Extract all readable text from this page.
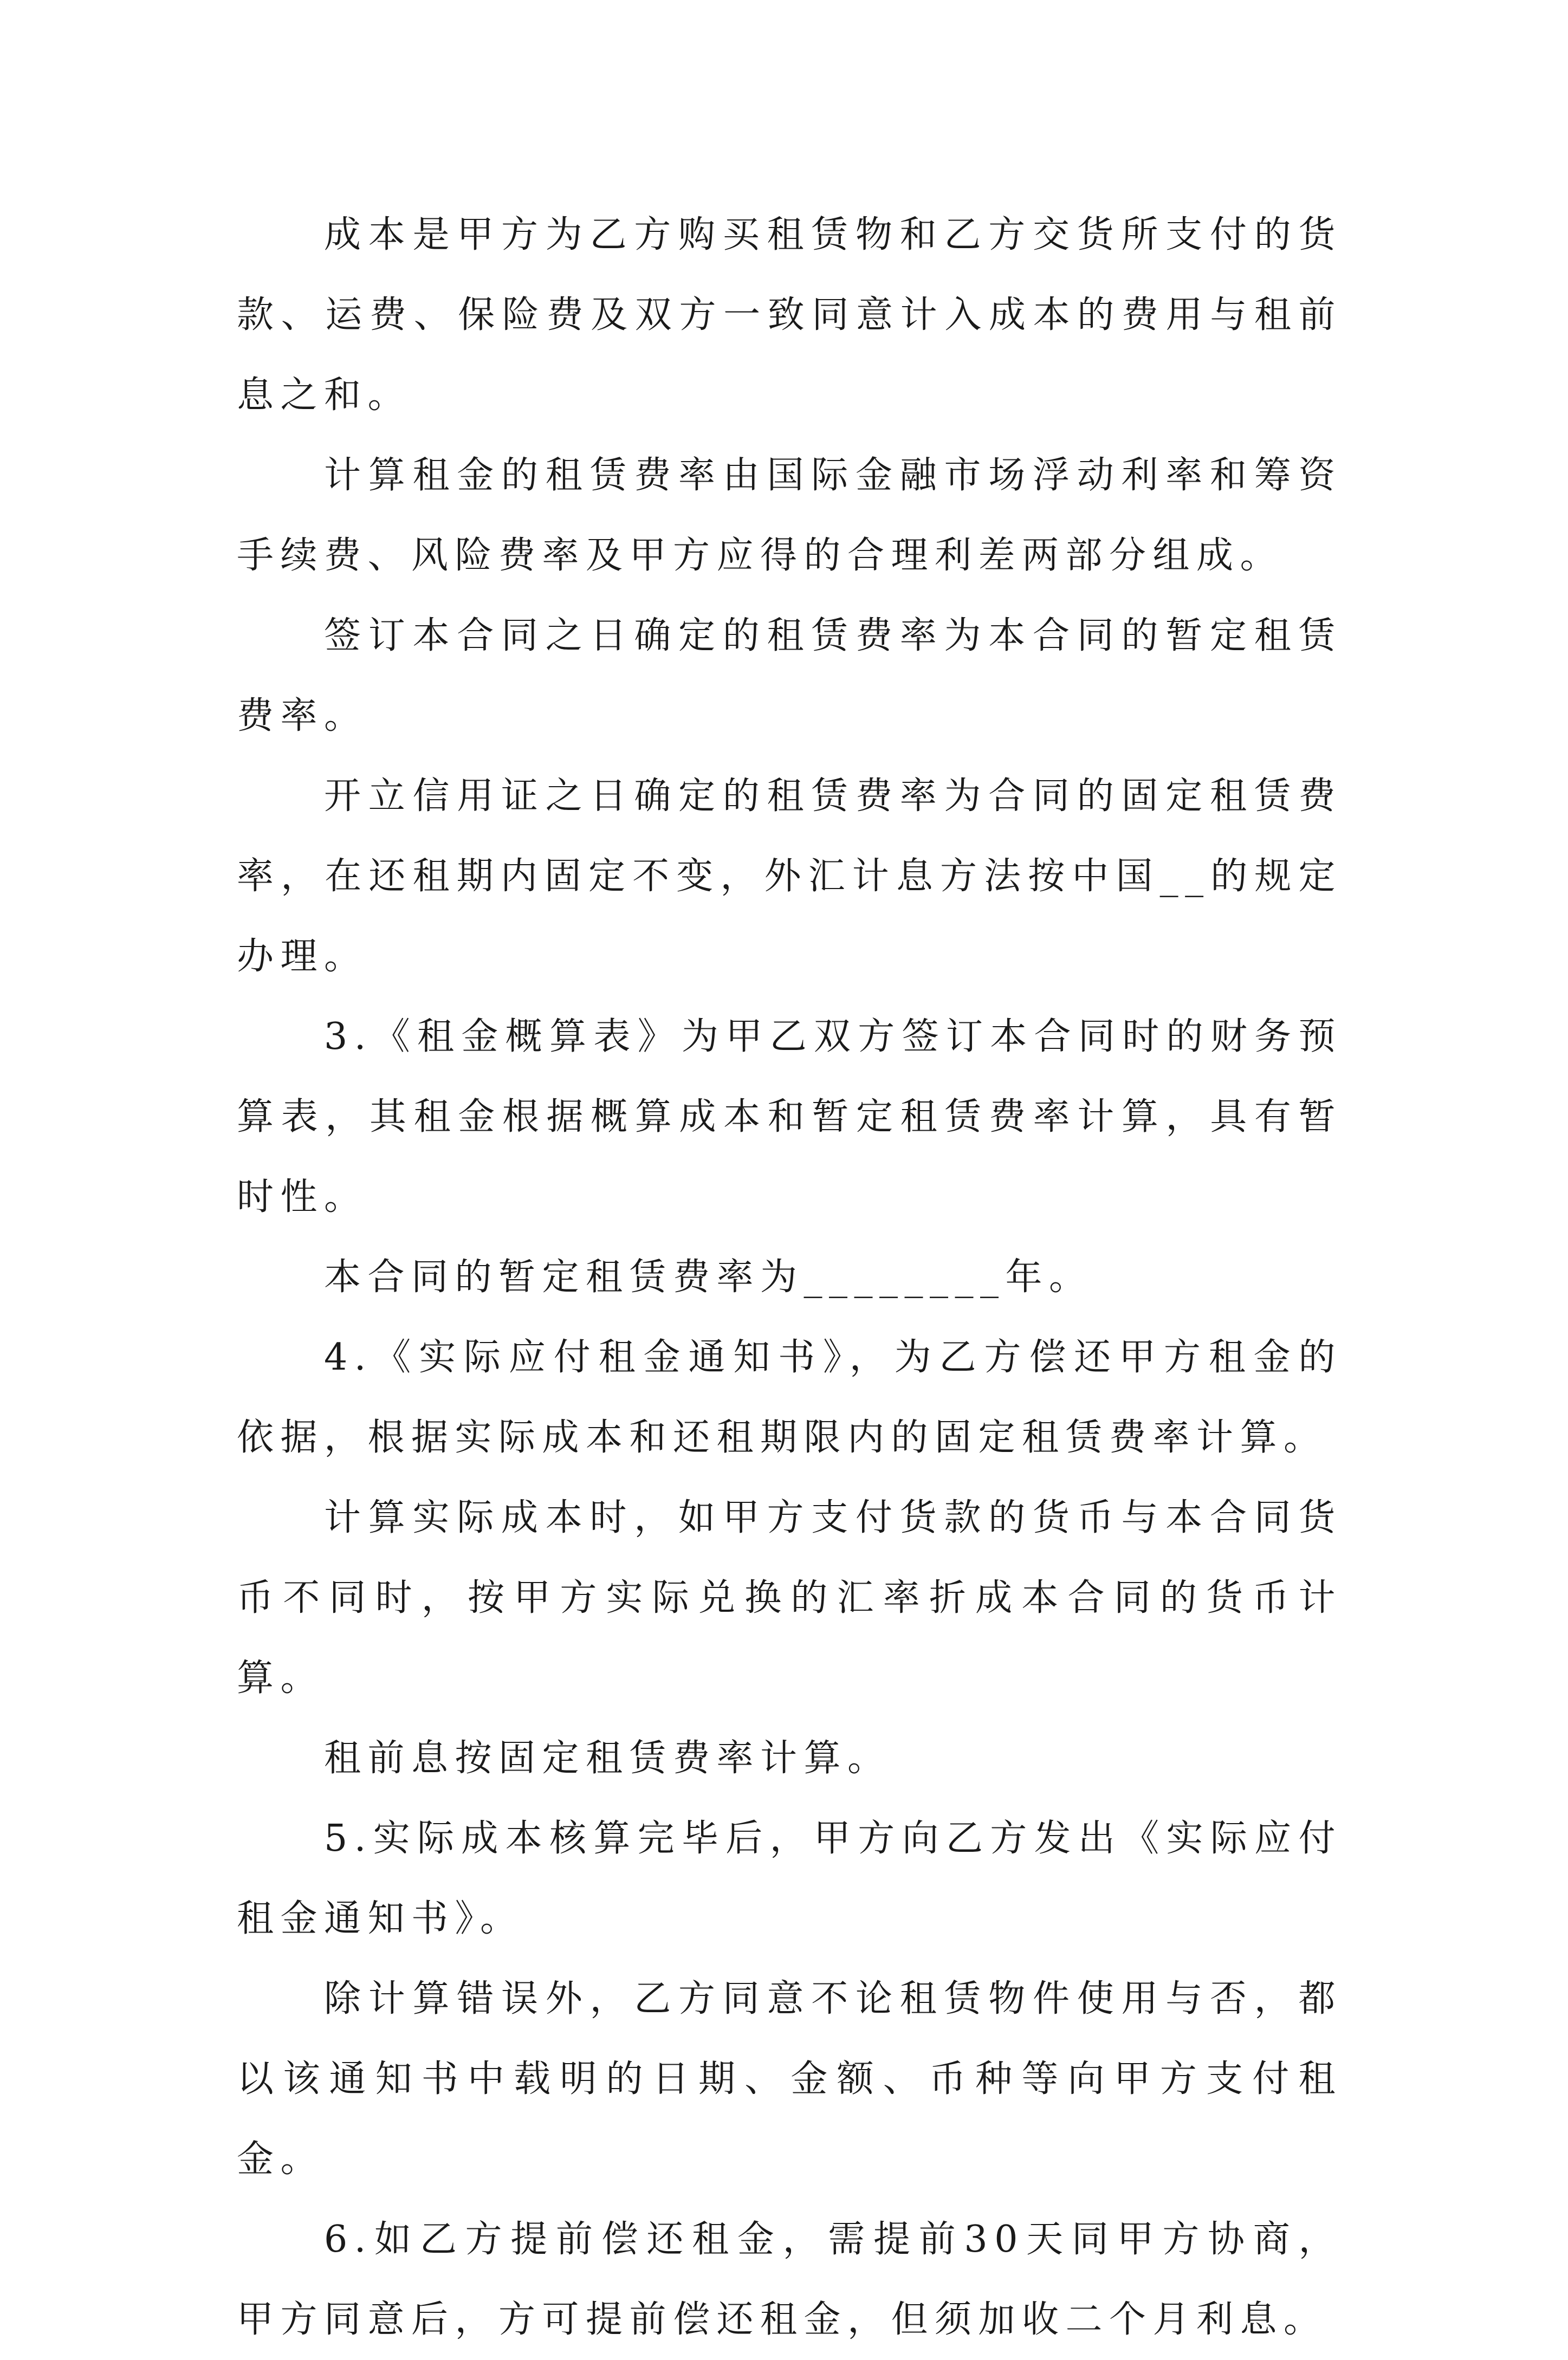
成本是甲方为乙方购买租赁物和乙方交货所支付的货款、运费、保险费及双方一致同意计入成本的费用与租前息之和。

计算租金的租赁费率由国际金融市场浮动利率和筹资手续费、风险费率及甲方应得的合理利差两部分组成。

签订本合同之日确定的租赁费率为本合同的暂定租赁费率。

开立信用证之日确定的租赁费率为合同的固定租赁费率，在还租期内固定不变，外汇计息方法按中国__的规定办理。

3.《租金概算表》为甲乙双方签订本合同时的财务预算表，其租金根据概算成本和暂定租赁费率计算，具有暂时性。

本合同的暂定租赁费率为________年。

4.《实际应付租金通知书》，为乙方偿还甲方租金的依据，根据实际成本和还租期限内的固定租赁费率计算。

计算实际成本时，如甲方支付货款的货币与本合同货币不同时，按甲方实际兑换的汇率折成本合同的货币计算。

租前息按固定租赁费率计算。

5.实际成本核算完毕后，甲方向乙方发出《实际应付租金通知书》。

除计算错误外，乙方同意不论租赁物件使用与否，都以该通知书中载明的日期、金额、币种等向甲方支付租金。

6.如乙方提前偿还租金，需提前30天同甲方协商，甲方同意后，方可提前偿还租金，但须加收二个月利息。
